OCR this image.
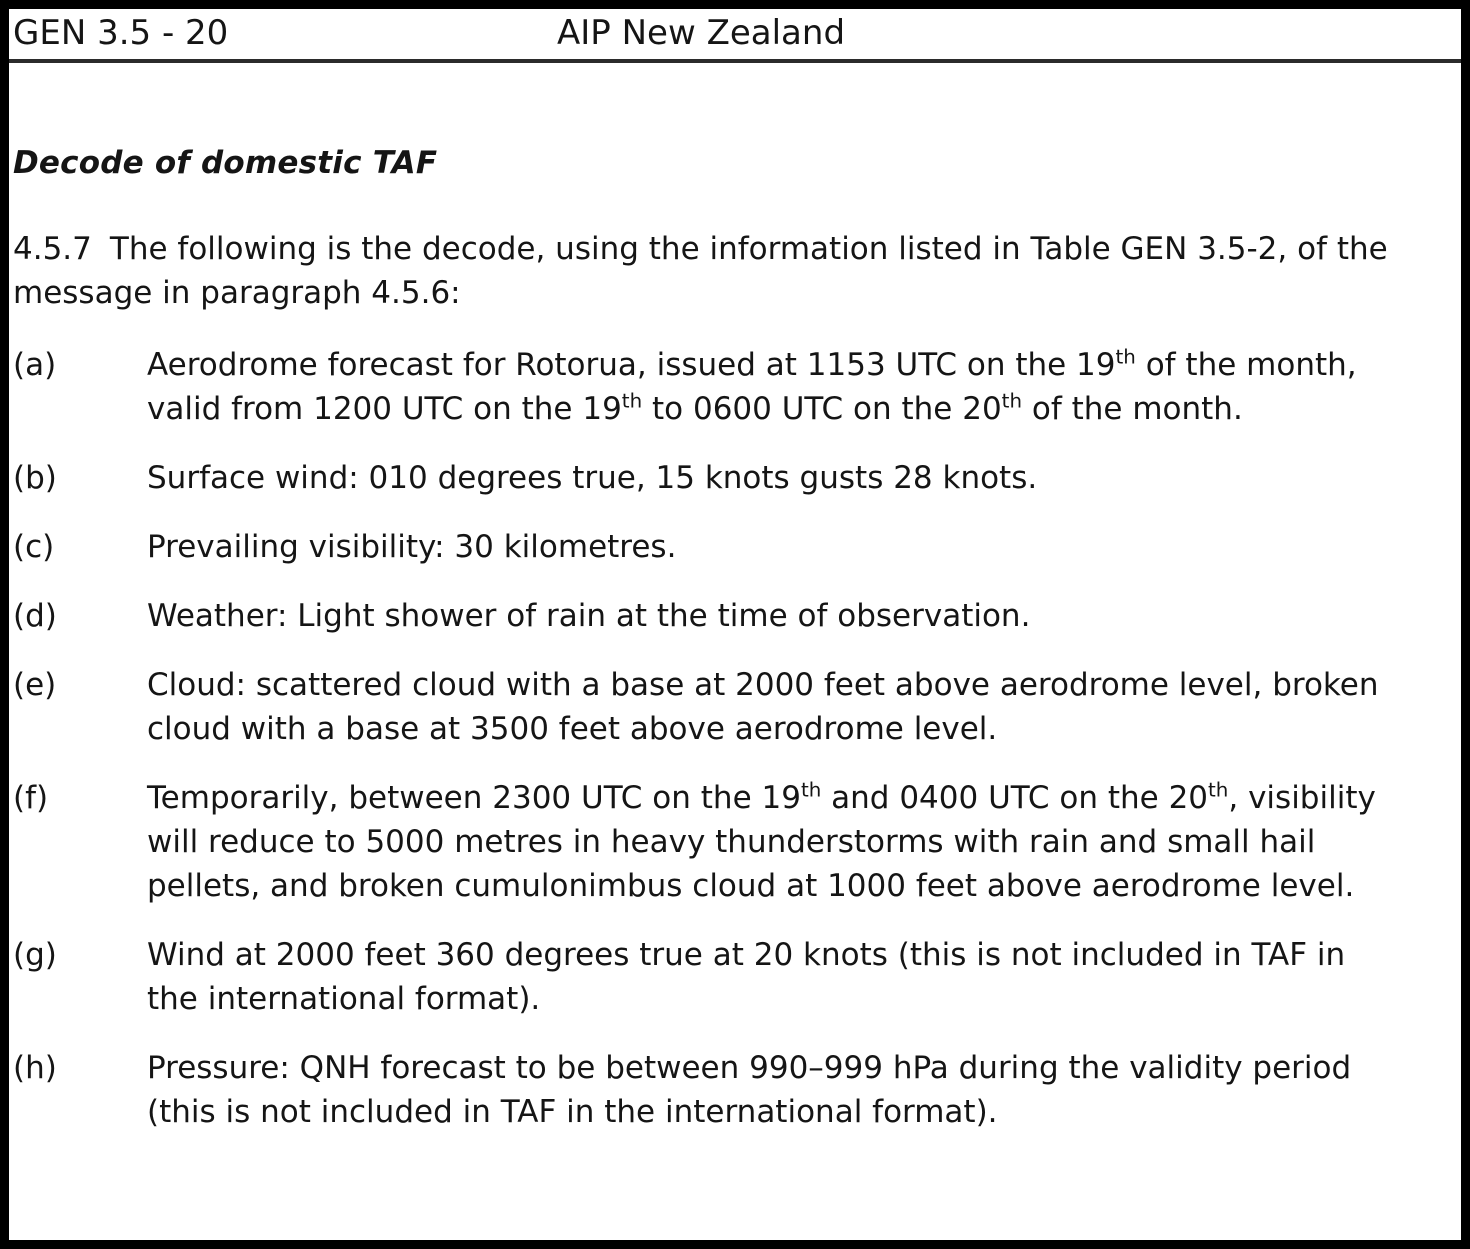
GEN 3.5 - 20	AIP New Zealand
Decode of domestic TAF

4.5.7 The following is the decode, using the information listed in Table GEN 3.5-2, of the message in paragraph 4.5.6:

(a)	Aerodrome forecast for Rotorua, issued at 1153 UTC on the 19th of the month, valid from 1200 UTC on the 19th to 0600 UTC on the 20th of the month.
(b)	Surface wind: 010 degrees true, 15 knots gusts 28 knots.
(c)	Prevailing visibility: 30 kilometres.
(d)	Weather: Light shower of rain at the time of observation.
(e)	Cloud: scattered cloud with a base at 2000 feet above aerodrome level, broken cloud with a base at 3500 feet above aerodrome level.
(f)	Temporarily, between 2300 UTC on the 19th and 0400 UTC on the 20th, visibility will reduce to 5000 metres in heavy thunderstorms with rain and small hail pellets, and broken cumulonimbus cloud at 1000 feet above aerodrome level.
(g)	Wind at 2000 feet 360 degrees true at 20 knots (this is not included in TAF in the international format).
(h)	Pressure: QNH forecast to be between 990–999 hPa during the validity period (this is not included in TAF in the international format).
